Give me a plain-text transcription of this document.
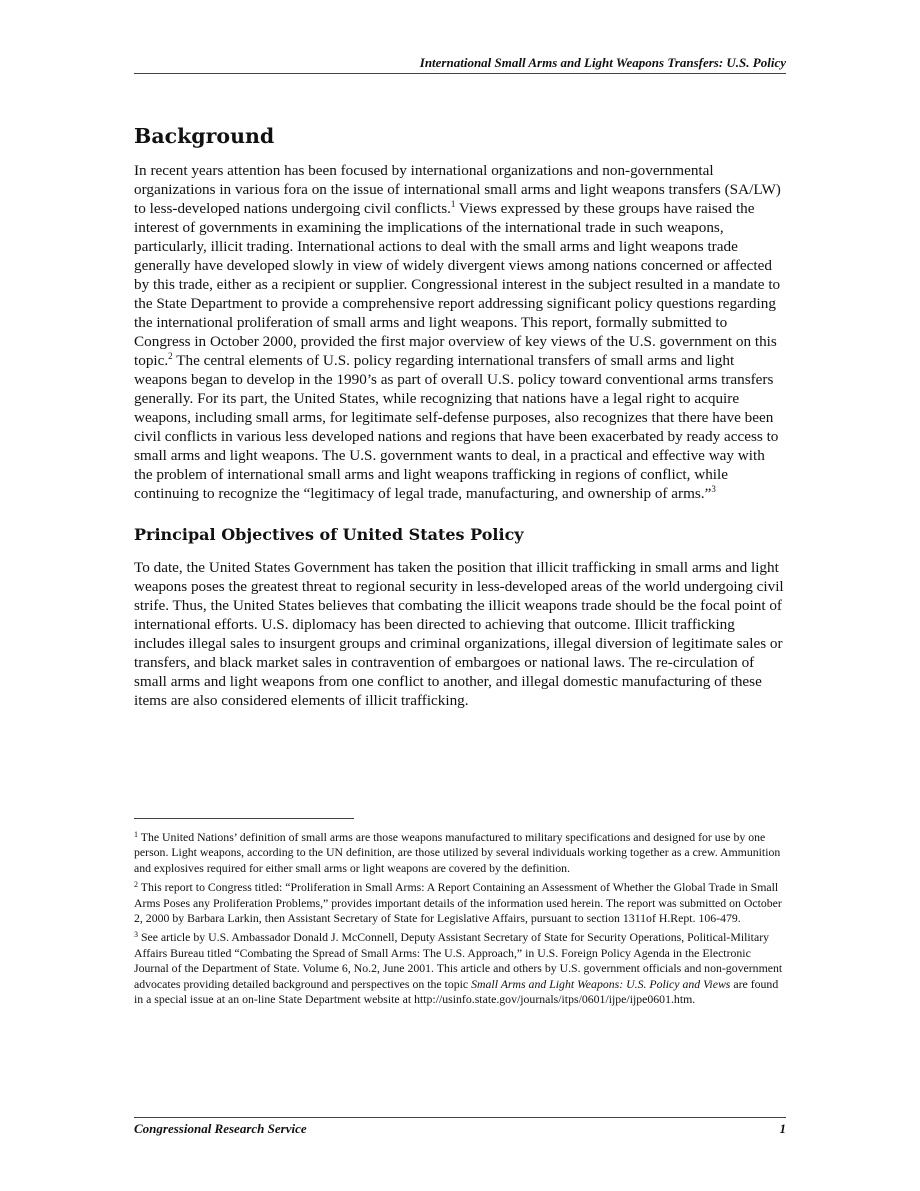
International Small Arms and Light Weapons Transfers: U.S. Policy
Background

In recent years attention has been focused by international organizations and non-governmental organizations in various fora on the issue of international small arms and light weapons transfers (SA/LW) to less-developed nations undergoing civil conflicts.$^1$ Views expressed by these groups have raised the interest of governments in examining the implications of the international trade in such weapons, particularly, illicit trading. International actions to deal with the small arms and light weapons trade generally have developed slowly in view of widely divergent views among nations concerned or affected by this trade, either as a recipient or supplier. Congressional interest in the subject resulted in a mandate to the State Department to provide a comprehensive report addressing significant policy questions regarding the international proliferation of small arms and light weapons. This report, formally submitted to Congress in October 2000, provided the first major overview of key views of the U.S. government on this topic.$^2$ The central elements of U.S. policy regarding international transfers of small arms and light weapons began to develop in the 1990’s as part of overall U.S. policy toward conventional arms transfers generally. For its part, the United States, while recognizing that nations have a legal right to acquire weapons, including small arms, for legitimate self-defense purposes, also recognizes that there have been civil conflicts in various less developed nations and regions that have been exacerbated by ready access to small arms and light weapons. The U.S. government wants to deal, in a practical and effective way with the problem of international small arms and light weapons trafficking in regions of conflict, while continuing to recognize the “legitimacy of legal trade, manufacturing, and ownership of arms.”$^3$

Principal Objectives of United States Policy

To date, the United States Government has taken the position that illicit trafficking in small arms and light weapons poses the greatest threat to regional security in less-developed areas of the world undergoing civil strife. Thus, the United States believes that combating the illicit weapons trade should be the focal point of international efforts. U.S. diplomacy has been directed to achieving that outcome. Illicit trafficking includes illegal sales to insurgent groups and criminal organizations, illegal diversion of legitimate sales or transfers, and black market sales in contravention of embargoes or national laws. The re-circulation of small arms and light weapons from one conflict to another, and illegal domestic manufacturing of these items are also considered elements of illicit trafficking.

$^1$ The United Nations’ definition of small arms are those weapons manufactured to military specifications and designed for use by one person. Light weapons, according to the UN definition, are those utilized by several individuals working together as a crew. Ammunition and explosives required for either small arms or light weapons are covered by the definition.

$^2$ This report to Congress titled: “Proliferation in Small Arms: A Report Containing an Assessment of Whether the Global Trade in Small Arms Poses any Proliferation Problems,” provides important details of the information used herein. The report was submitted on October 2, 2000 by Barbara Larkin, then Assistant Secretary of State for Legislative Affairs, pursuant to section 1311of H.Rept. 106-479.

$^3$ See article by U.S. Ambassador Donald J. McConnell, Deputy Assistant Secretary of State for Security Operations, Political-Military Affairs Bureau titled “Combating the Spread of Small Arms: The U.S. Approach,” in U.S. Foreign Policy Agenda in the Electronic Journal of the Department of State. Volume 6, No.2, June 2001. This article and others by U.S. government officials and non-government advocates providing detailed background and perspectives on the topic Small Arms and Light Weapons: U.S. Policy and Views are found in a special issue at an on-line State Department website at http://usinfo.state.gov/journals/itps/0601/ijpe/ijpe0601.htm.

Congressional Research Service	1
